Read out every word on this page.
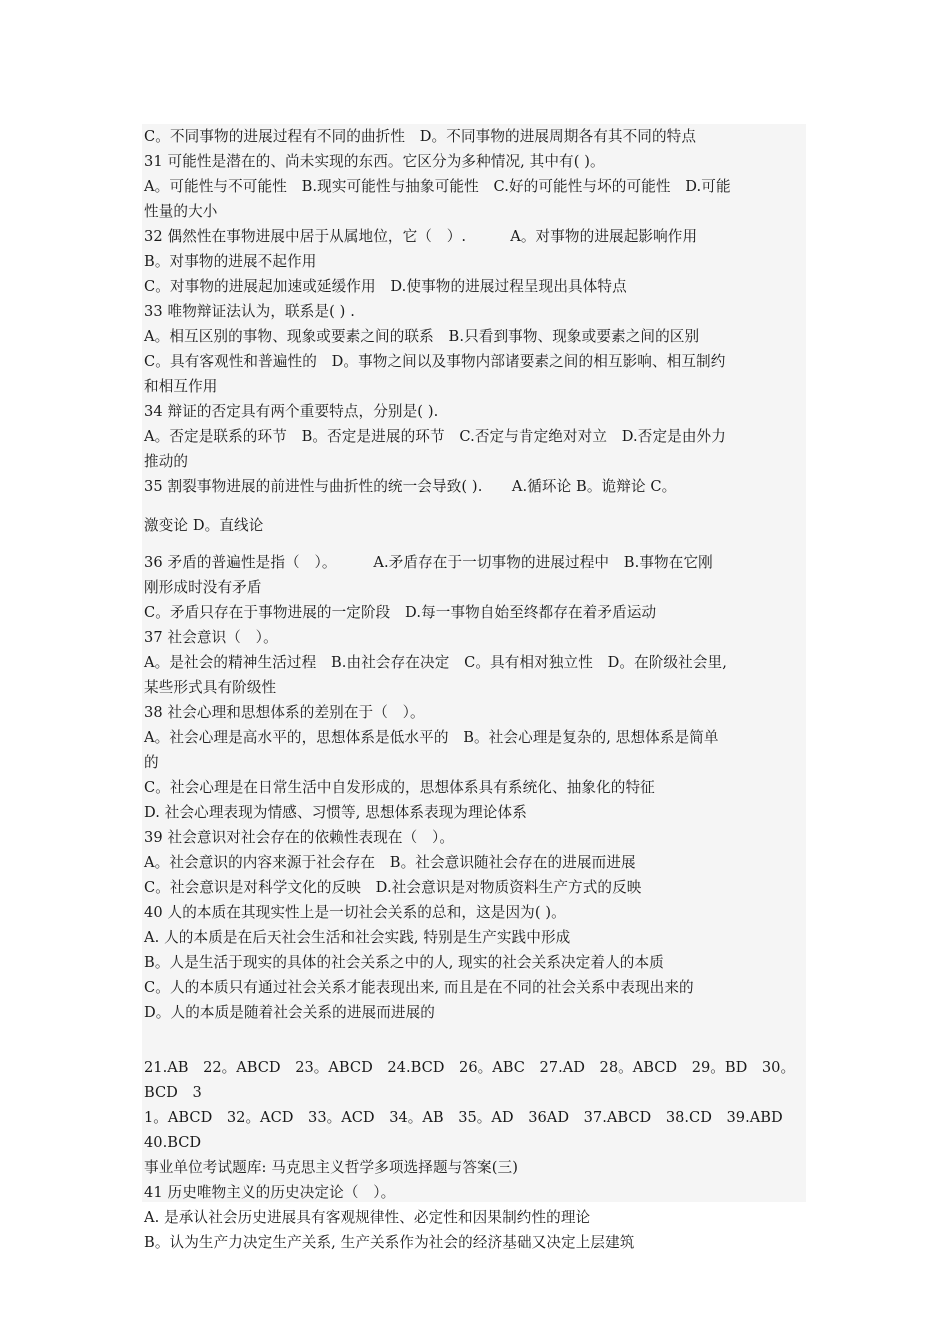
C。不同事物的进展过程有不同的曲折性　D。不同事物的进展周期各有其不同的特点
31 可能性是潜在的、尚未实现的东西。它区分为多种情况, 其中有( )。
A。可能性与不可能性　B.现实可能性与抽象可能性　C.好的可能性与坏的可能性　D.可能
性量的大小
32 偶然性在事物进展中居于从属地位，它（　）.　　　A。对事物的进展起影响作用
B。对事物的进展不起作用
C。对事物的进展起加速或延缓作用　D.使事物的进展过程呈现出具体特点
33 唯物辩证法认为，联系是( ) .
A。相互区别的事物、现象或要素之间的联系　B.只看到事物、现象或要素之间的区别
C。具有客观性和普遍性的　D。事物之间以及事物内部诸要素之间的相互影响、相互制约
和相互作用
34 辩证的否定具有两个重要特点，分别是( ).
A。否定是联系的环节　B。否定是进展的环节　C.否定与肯定绝对对立　D.否定是由外力
推动的
35 割裂事物进展的前进性与曲折性的统一会导致( ).　　A.循环论 B。诡辩论 C。
激变论 D。直线论
36 矛盾的普遍性是指（　）。　　　A.矛盾存在于一切事物的进展过程中　B.事物在它刚
刚形成时没有矛盾
C。矛盾只存在于事物进展的一定阶段　D.每一事物自始至终都存在着矛盾运动
37 社会意识（　）。
A。是社会的精神生活过程　B.由社会存在决定　C。具有相对独立性　D。在阶级社会里,
某些形式具有阶级性
38 社会心理和思想体系的差别在于（　）。
A。社会心理是高水平的，思想体系是低水平的　B。社会心理是复杂的, 思想体系是简单
的
C。社会心理是在日常生活中自发形成的，思想体系具有系统化、抽象化的特征
D. 社会心理表现为情感、习惯等, 思想体系表现为理论体系
39 社会意识对社会存在的依赖性表现在（　）。
A。社会意识的内容来源于社会存在　B。社会意识随社会存在的进展而进展
C。社会意识是对科学文化的反映　D.社会意识是对物质资料生产方式的反映
40 人的本质在其现实性上是一切社会关系的总和，这是因为( )。
A. 人的本质是在后天社会生活和社会实践, 特别是生产实践中形成
B。人是生活于现实的具体的社会关系之中的人, 现实的社会关系决定着人的本质
C。人的本质只有通过社会关系才能表现出来, 而且是在不同的社会关系中表现出来的
D。人的本质是随着社会关系的进展而进展的
21.AB　22。ABCD　23。ABCD　24.BCD　26。ABC　27.AD　28。ABCD　29。BD　30。BCD　3
1。ABCD　32。ACD　33。ACD　34。AB　35。AD　36AD　37.ABCD　38.CD　39.ABD　40.BCD
事业单位考试题库: 马克思主义哲学多项选择题与答案(三)
41 历史唯物主义的历史决定论（　）。
A. 是承认社会历史进展具有客观规律性、必定性和因果制约性的理论
B。认为生产力决定生产关系, 生产关系作为社会的经济基础又决定上层建筑
